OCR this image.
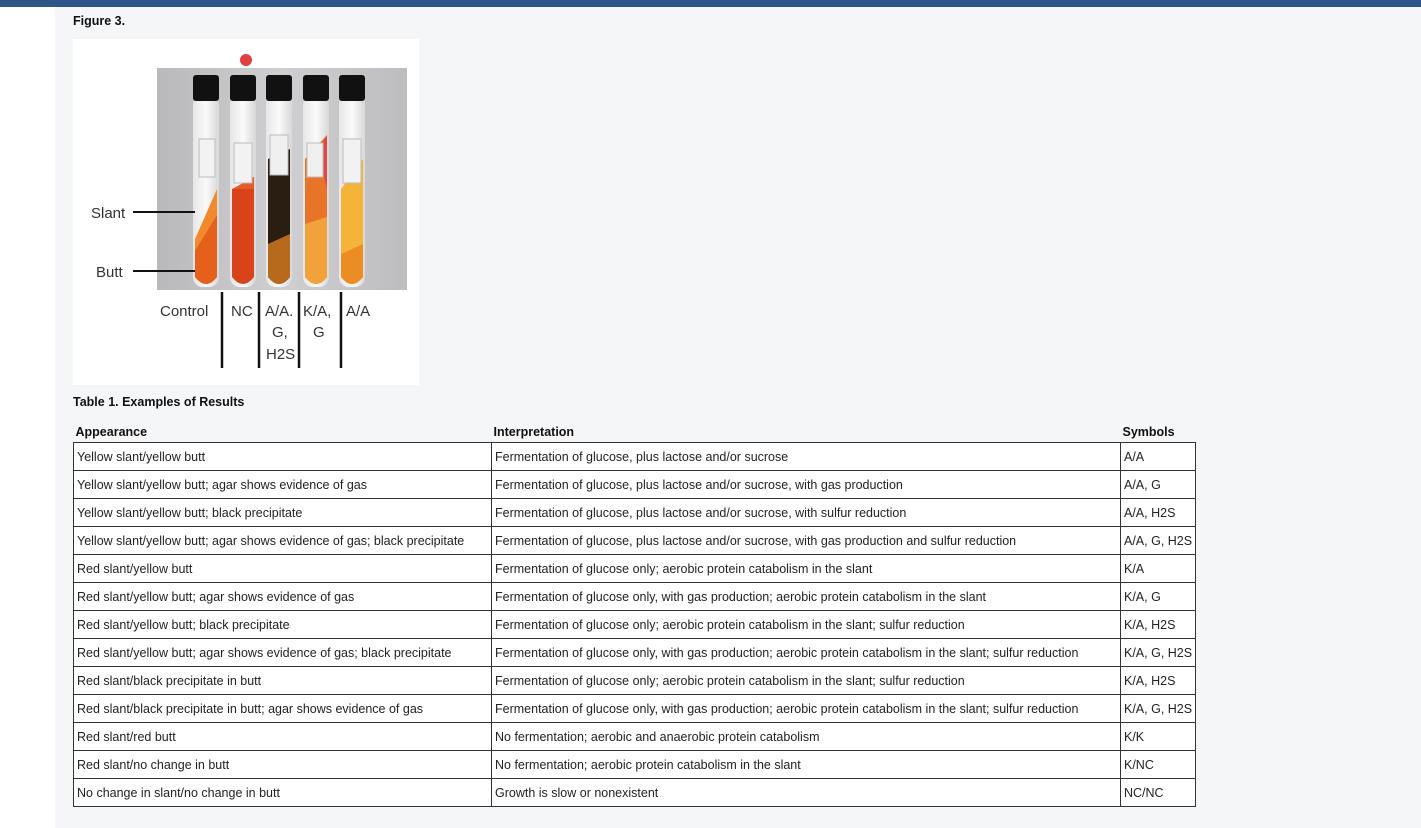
Figure 3.
Slant
Butt
Control NC A/A.
G,
H2S
K/A,
G
A/A
Table 1. Examples of Results
Appearance	Interpretation	Symbols
Yellow slant/yellow butt	Fermentation of glucose, plus lactose and/or sucrose	A/A
Yellow slant/yellow butt; agar shows evidence of gas	Fermentation of glucose, plus lactose and/or sucrose, with gas production	A/A, G
Yellow slant/yellow butt; black precipitate	Fermentation of glucose, plus lactose and/or sucrose, with sulfur reduction	A/A, H2S
Yellow slant/yellow butt; agar shows evidence of gas; black precipitate	Fermentation of glucose, plus lactose and/or sucrose, with gas production and sulfur reduction	A/A, G, H2S
Red slant/yellow butt	Fermentation of glucose only; aerobic protein catabolism in the slant	K/A
Red slant/yellow butt; agar shows evidence of gas	Fermentation of glucose only, with gas production; aerobic protein catabolism in the slant	K/A, G
Red slant/yellow butt; black precipitate	Fermentation of glucose only; aerobic protein catabolism in the slant; sulfur reduction	K/A, H2S
Red slant/yellow butt; agar shows evidence of gas; black precipitate	Fermentation of glucose only, with gas production; aerobic protein catabolism in the slant; sulfur reduction	K/A, G, H2S
Red slant/black precipitate in butt	Fermentation of glucose only; aerobic protein catabolism in the slant; sulfur reduction	K/A, H2S
Red slant/black precipitate in butt; agar shows evidence of gas	Fermentation of glucose only, with gas production; aerobic protein catabolism in the slant; sulfur reduction	K/A, G, H2S
Red slant/red butt	No fermentation; aerobic and anaerobic protein catabolism	K/K
Red slant/no change in butt	No fermentation; aerobic protein catabolism in the slant	K/NC
No change in slant/no change in butt	Growth is slow or nonexistent	NC/NC
